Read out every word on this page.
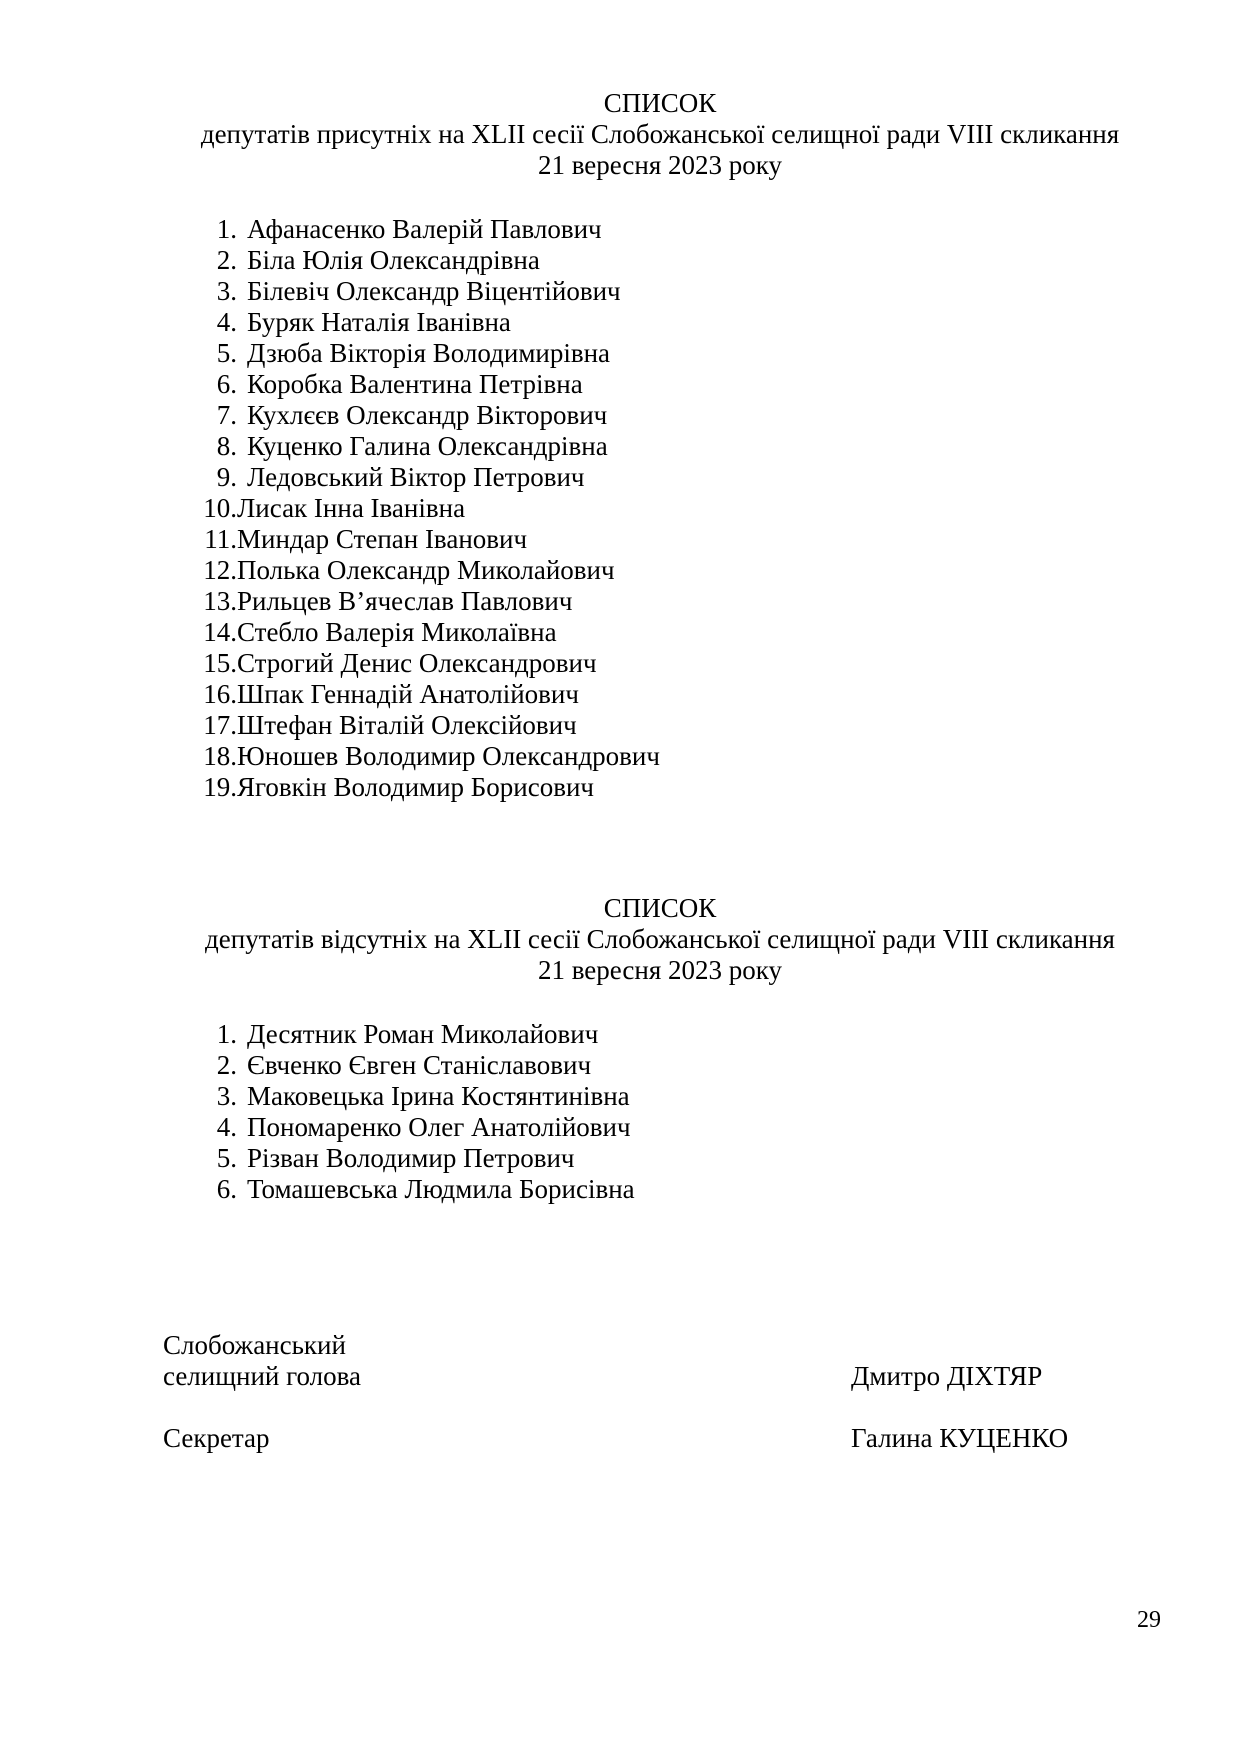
СПИСОК
депутатів присутніх на XLII сесії Слобожанської селищної ради VIII скликання
21 вересня 2023 року
1. Афанасенко Валерій Павлович
2. Біла Юлія Олександрівна
3. Білевіч Олександр Віцентійович
4. Буряк Наталія Іванівна
5. Дзюба Вікторія Володимирівна
6. Коробка Валентина Петрівна
7. Кухлєєв Олександр Вікторович
8. Куценко Галина Олександрівна
9. Ледовський Віктор Петрович
10. Лисак Інна Іванівна
11. Миндар Степан Іванович
12. Полька Олександр Миколайович
13. Рильцев В’ячеслав Павлович
14. Стебло Валерія Миколаївна
15. Строгий Денис Олександрович
16. Шпак Геннадій Анатолійович
17. Штефан Віталій Олексійович
18. Юношев Володимир Олександрович
19. Яговкін Володимир Борисович
СПИСОК
депутатів відсутніх на XLII сесії Слобожанської селищної ради VIII скликання
21 вересня 2023 року
1. Десятник Роман Миколайович
2. Євченко Євген Станіславович
3. Маковецька Ірина Костянтинівна
4. Пономаренко Олег Анатолійович
5. Різван Володимир Петрович
6. Томашевська Людмила Борисівна
Слобожанський
селищний голова	Дмитро ДІХТЯР
Секретар	Галина КУЦЕНКО
29
